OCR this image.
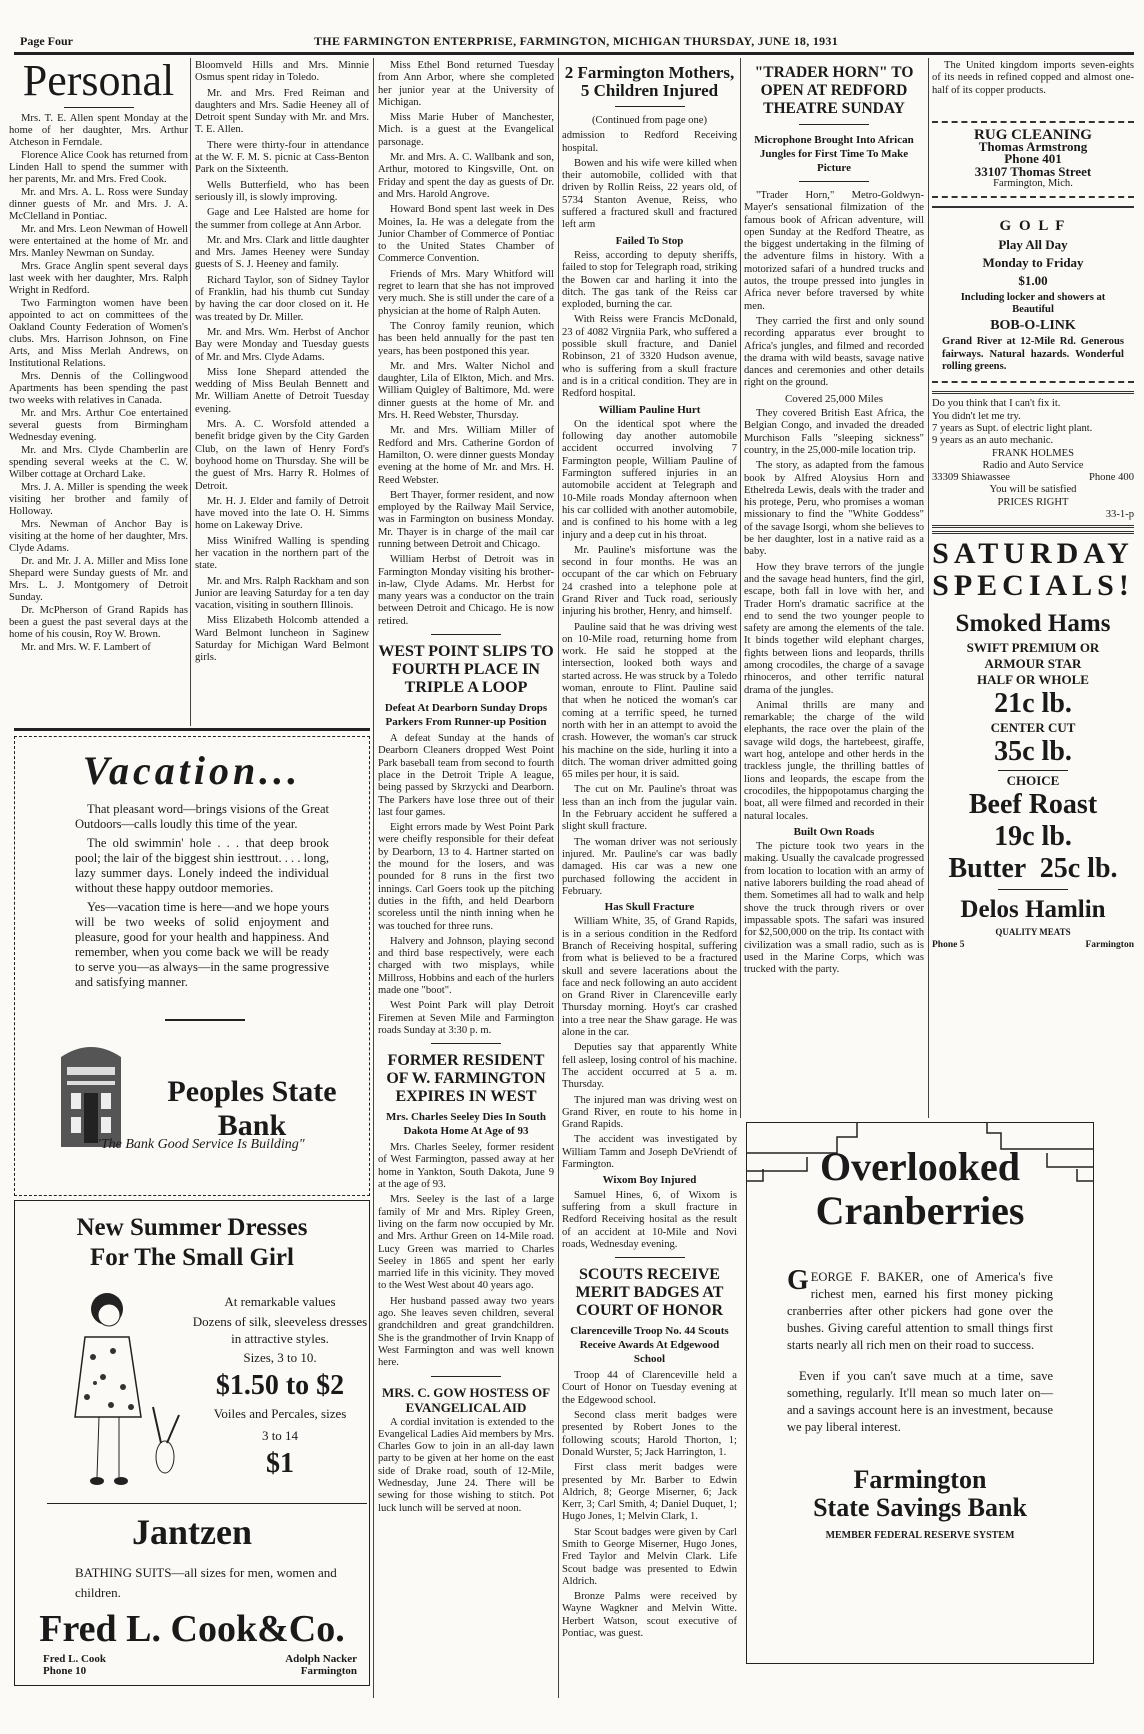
Page Four	THE FARMINGTON ENTERPRISE, FARMINGTON, MICHIGAN THURSDAY, JUNE 18, 1931
Personal

Mrs. T. E. Allen spent Monday at the home of her daughter, Mrs. Arthur Atcheson in Ferndale.

Florence Alice Cook has returned from Linden Hall to spend the summer with her parents, Mr. and Mrs. Fred Cook.

Mr. and Mrs. A. L. Ross were Sunday dinner guests of Mr. and Mrs. J. A. McClelland in Pontiac.

Mr. and Mrs. Leon Newman of Howell were entertained at the home of Mr. and Mrs. Manley Newman on Sunday.

Mrs. Grace Anglin spent several days last week with her daughter, Mrs. Ralph Wright in Redford.

Two Farmington women have been appointed to act on committees of the Oakland County Federation of Women's clubs. Mrs. Harrison Johnson, on Fine Arts, and Miss Merlah Andrews, on Institutional Relations.

Mrs. Dennis of the Collingwood Apartments has been spending the past two weeks with relatives in Canada.

Mr. and Mrs. Arthur Coe entertained several guests from Birmingham Wednesday evening.

Mr. and Mrs. Clyde Chamberlin are spending several weeks at the C. W. Wilber cottage at Orchard Lake.

Mrs. J. A. Miller is spending the week visiting her brother and family of Holloway.

Mrs. Newman of Anchor Bay is visiting at the home of her daughter, Mrs. Clyde Adams.

Dr. and Mr. J. A. Miller and Miss Ione Shepard were Sunday guests of Mr. and Mrs. L. J. Montgomery of Detroit Sunday.

Dr. McPherson of Grand Rapids has been a guest the past several days at the home of his cousin, Roy W. Brown.

Mr. and Mrs. W. F. Lambert of

Bloomveld Hills and Mrs. Minnie Osmus spent riday in Toledo.

Mr. and Mrs. Fred Reiman and daughters and Mrs. Sadie Heeney all of Detroit spent Sunday with Mr. and Mrs. T. E. Allen.

There were thirty-four in attendance at the W. F. M. S. picnic at Cass-Benton Park on the Sixteenth.

Wells Butterfield, who has been seriously ill, is slowly improving.

Gage and Lee Halsted are home for the summer from college at Ann Arbor.

Mr. and Mrs. Clark and little daughter and Mrs. James Heeney were Sunday guests of S. J. Heeney and family.

Richard Taylor, son of Sidney Taylor of Franklin, had his thumb cut Sunday by having the car door closed on it. He was treated by Dr. Miller.

Mr. and Mrs. Wm. Herbst of Anchor Bay were Monday and Tuesday guests of Mr. and Mrs. Clyde Adams.

Miss Ione Shepard attended the wedding of Miss Beulah Bennett and Mr. William Anette of Detroit Tuesday evening.

Mrs. A. C. Worsfold attended a benefit bridge given by the City Garden Club, on the lawn of Henry Ford's boyhood home on Thursday. She will be the guest of Mrs. Harry R. Holmes of Detroit.

Mr. H. J. Elder and family of Detroit have moved into the late O. H. Simms home on Lakeway Drive.

Miss Winifred Walling is spending her vacation in the northern part of the state.

Mr. and Mrs. Ralph Rackham and son Junior are leaving Saturday for a ten day vacation, visiting in southern Illinois.

Miss Elizabeth Holcomb attended a Ward Belmont luncheon in Saginew Saturday for Michigan Ward Belmont girls.

Vacation...

That pleasant word—brings visions of the Great Outdoors—calls loudly this time of the year.

The old swimmin' hole . . . that deep brook pool; the lair of the biggest shin iesttrout. . . . long, lazy summer days. Lonely indeed the individual without these happy outdoor memories.

Yes—vacation time is here—and we hope yours will be two weeks of solid enjoyment and pleasure, good for your health and happiness. And remember, when you come back we will be ready to serve you—as always—in the same progressive and satisfying manner.

Peoples State Bank
"The Bank Good Service Is Building"
New Summer Dresses
For The Small Girl
At remarkable values
Dozens of silk, sleeveless dresses in attractive styles.
Sizes, 3 to 10.
$1.50 to $2
Voiles and Percales, sizes
3 to 14
$1
Jantzen
BATHING SUITS—all sizes for men, women and children.
Fred L. Cook&Co.
Fred L. Cook
Phone 10
Adolph Nacker
Farmington

Miss Ethel Bond returned Tuesday from Ann Arbor, where she completed her junior year at the University of Michigan.

Miss Marie Huber of Manchester, Mich. is a guest at the Evangelical parsonage.

Mr. and Mrs. A. C. Wallbank and son, Arthur, motored to Kingsville, Ont. on Friday and spent the day as guests of Dr. and Mrs. Harold Angrove.

Howard Bond spent last week in Des Moines, Ia. He was a delegate from the Junior Chamber of Commerce of Pontiac to the United States Chamber of Commerce Convention.

Friends of Mrs. Mary Whitford will regret to learn that she has not improved very much. She is still under the care of a physician at the home of Ralph Auten.

The Conroy family reunion, which has been held annually for the past ten years, has been postponed this year.

Mr. and Mrs. Walter Nichol and daughter, Lila of Elkton, Mich. and Mrs. William Quigley of Baltimore, Md. were dinner guests at the home of Mr. and Mrs. H. Reed Webster, Thursday.

Mr. and Mrs. William Miller of Redford and Mrs. Catherine Gordon of Hamilton, O. were dinner guests Monday evening at the home of Mr. and Mrs. H. Reed Webster.

Bert Thayer, former resident, and now employed by the Railway Mail Service, was in Farmington on business Monday. Mr. Thayer is in charge of the mail car running between Detroit and Chicago.

William Herbst of Detroit was in Farmington Monday visiting his brother-in-law, Clyde Adams. Mr. Herbst for many years was a conductor on the train between Detroit and Chicago. He is now retired.

WEST POINT SLIPS TO FOURTH PLACE IN TRIPLE A LOOP
Defeat At Dearborn Sunday Drops Parkers From Runner-up Position

A defeat Sunday at the hands of Dearborn Cleaners dropped West Point Park baseball team from second to fourth place in the Detroit Triple A league, being passed by Skrzycki and Dearborn. The Parkers have lose three out of their last four games.

Eight errors made by West Point Park were cheifly responsible for their defeat by Dearborn, 13 to 4. Hartner started on the mound for the losers, and was pounded for 8 runs in the first two innings. Carl Goers took up the pitching duties in the fifth, and held Dearborn scoreless until the ninth inning when he was touched for three runs.

Halvery and Johnson, playing second and third base respectively, were each charged with two misplays, while Millross, Hobbins and each of the hurlers made one "boot".

West Point Park will play Detroit Firemen at Seven Mile and Farmington roads Sunday at 3:30 p. m.

FORMER RESIDENT OF W. FARMINGTON EXPIRES IN WEST
Mrs. Charles Seeley Dies In South Dakota Home At Age of 93

Mrs. Charles Seeley, former resident of West Farmington, passed away at her home in Yankton, South Dakota, June 9 at the age of 93.

Mrs. Seeley is the last of a large family of Mr and Mrs. Ripley Green, living on the farm now occupied by Mr. and Mrs. Arthur Green on 14-Mile road. Lucy Green was married to Charles Seeley in 1865 and spent her early married life in this vicinity. They moved to the West West about 40 years ago.

Her husband passed away two years ago. She leaves seven children, several grandchildren and great grandchildren. She is the grandmother of Irvin Knapp of West Farmington and was well known here.

MRS. C. GOW HOSTESS OF EVANGELICAL AID

A cordial invitation is extended to the Evangelical Ladies Aid members by Mrs. Charles Gow to join in an all-day lawn party to be given at her home on the east side of Drake road, south of 12-Mile, Wednesday, June 24. There will be sewing for those wishing to stitch. Pot luck lunch will be served at noon.

2 Farmington Mothers, 5 Children Injured
(Continued from page one)

admission to Redford Receiving hospital.

Bowen and his wife were killed when their automobile, collided with that driven by Rollin Reiss, 22 years old, of 5734 Stanton Avenue, Reiss, who suffered a fractured skull and fractured left arm

Failed To Stop

Reiss, according to deputy sheriffs, failed to stop for Telegraph road, striking the Bowen car and harling it into the ditch. The gas tank of the Reiss car exploded, burning the car.

With Reiss were Francis McDonald, 23 of 4082 Virgniia Park, who suffered a possible skull fracture, and Daniel Robinson, 21 of 3320 Hudson avenue, who is suffering from a skull fracture and is in a critical condition. They are in Redford hospital.

William Pauline Hurt

On the identical spot where the following day another automobile accident occurred involving 7 Farmington people, William Pauline of Farmington suffered injuries in an automobile accident at Telegraph and 10-Mile roads Monday afternoon when his car collided with another automobile, and is confined to his home with a leg injury and a deep cut in his throat.

Mr. Pauline's misfortune was the second in four months. He was an occupant of the car which on February 24 crashed into a telephone pole at Grand River and Tuck road, seriously injuring his brother, Henry, and himself.

Pauline said that he was driving west on 10-Mile road, returning home from work. He said he stopped at the intersection, looked both ways and started across. He was struck by a Toledo woman, enroute to Flint. Pauline said that when he noticed the woman's car coming at a terrific speed, he turned north with her in an attempt to avoid the crash. However, the woman's car struck his machine on the side, hurling it into a ditch. The woman driver admitted going 65 miles per hour, it is said.

The cut on Mr. Pauline's throat was less than an inch from the jugular vain. In the February accident he suffered a slight skull fracture.

The woman driver was not seriously injured. Mr. Pauline's car was badly damaged. His car was a new one purchased following the accident in February.

Has Skull Fracture

William White, 35, of Grand Rapids, is in a serious condition in the Redford Branch of Receiving hospital, suffering from what is believed to be a fractured skull and severe lacerations about the face and neck following an auto accident on Grand River in Clarenceville early Thursday morning. Hoyt's car crashed into a tree near the Shaw garage. He was alone in the car.

Deputies say that apparently White fell asleep, losing control of his machine. The accident occurred at 5 a. m. Thursday.

The injured man was driving west on Grand River, en route to his home in Grand Rapids.

The accident was investigated by William Tamm and Joseph DeVriendt of Farmington.

Wixom Boy Injured

Samuel Hines, 6, of Wixom is suffering from a skull fracture in Redford Receiving hosital as the result of an accident at 10-Mile and Novi roads, Wednesday evening.

SCOUTS RECEIVE MERIT BADGES AT COURT OF HONOR
Clarenceville Troop No. 44 Scouts Receive Awards At Edgewood School

Troop 44 of Clarenceville held a Court of Honor on Tuesday evening at the Edgewood school.

Second class merit badges were presented by Robert Jones to the following scouts; Harold Thorton, 1; Donald Wurster, 5; Jack Harrington, 1.

First class merit badges were presented by Mr. Barber to Edwin Aldrich, 8; George Miserner, 6; Jack Kerr, 3; Carl Smith, 4; Daniel Duquet, 1; Hugo Jones, 1; Melvin Clark, 1.

Star Scout badges were given by Carl Smith to George Miserner, Hugo Jones, Fred Taylor and Melvin Clark. Life Scout badge was presented to Edwin Aldrich.

Bronze Palms were received by Wayne Wagkner and Melvin Witte. Herbert Watson, scout executive of Pontiac, was guest.

"TRADER HORN" TO OPEN AT REDFORD THEATRE SUNDAY
Microphone Brought Into African Jungles for First Time To Make Picture

"Trader Horn," Metro-Goldwyn-Mayer's sensational filmization of the famous book of African adventure, will open Sunday at the Redford Theatre, as the biggest undertaking in the filming of the adventure films in history. With a motorized safari of a hundred trucks and autos, the troupe pressed into jungles in Africa never before traversed by white men.

They carried the first and only sound recording apparatus ever brought to Africa's jungles, and filmed and recorded the drama with wild beasts, savage native dances and ceremonies and other details right on the ground.

Covered 25,000 Miles

They covered British East Africa, the Belgian Congo, and invaded the dreaded Murchison Falls "sleeping sickness" country, in the 25,000-mile location trip.

The story, as adapted from the famous book by Alfred Aloysius Horn and Ethelreda Lewis, deals with the trader and his protege, Peru, who promises a woman missionary to find the "White Goddess" of the savage Isorgi, whom she believes to be her daughter, lost in a native raid as a baby.

How they brave terrors of the jungle and the savage head hunters, find the girl, escape, both fall in love with her, and Trader Horn's dramatic sacrifice at the end to send the two younger people to safety are among the elements of the tale. It binds together wild elephant charges, fights between lions and leopards, thrills among crocodiles, the charge of a savage rhinoceros, and other terrific natural drama of the jungles.

Animal thrills are many and remarkable; the charge of the wild elephants, the race over the plain of the savage wild dogs, the hartebeest, giraffe, wart hog, antelope and other herds in the trackless jungle, the thrilling battles of lions and leopards, the escape from the crocodiles, the hippopotamus charging the boat, all were filmed and recorded in their natural locales.

Built Own Roads

The picture took two years in the making. Usually the cavalcade progressed from location to location with an army of native laborers building the road ahead of them. Sometimes all had to walk and help shove the truck through rivers or over impassable spots. The safari was insured for $2,500,000 on the trip. Its contact with civilization was a small radio, such as is used in the Marine Corps, which was trucked with the party.

The United kingdom imports seven-eights of its needs in refined copped and almost one-half of its copper products.

RUG CLEANING
Thomas Armstrong
Phone 401
33107 Thomas Street
Farmington, Mich.
G O L F
Play All Day
Monday to Friday
$1.00
Including locker and showers at Beautiful
BOB-O-LINK
Grand River at 12-Mile Rd. Generous fairways. Natural hazards. Wonderful rolling greens.
Do you think that I can't fix it.
You didn't let me try.
7 years as Supt. of electric light plant.
9 years as an auto mechanic.
FRANK HOLMES
Radio and Auto Service
33309 Shiawassee	Phone 400
You will be satisfied
PRICES RIGHT
33-1-p
SATURDAY
SPECIALS!
Smoked Hams
SWIFT PREMIUM OR
ARMOUR STAR
HALF OR WHOLE
21c lb.
CENTER CUT
35c lb.
CHOICE
Beef Roast
19c lb.
Butter  25c lb.
Delos Hamlin
QUALITY MEATS
Phone 5	Farmington
Overlooked
Cranberries

GEORGE F. BAKER, one of America's five richest men, earned his first money picking cranberries after other pickers had gone over the bushes. Giving careful attention to small things first starts nearly all rich men on their road to success.

Even if you can't save much at a time, save something, regularly. It'll mean so much later on—and a savings account here is an investment, because we pay liberal interest.

Farmington
State Savings Bank
MEMBER FEDERAL RESERVE SYSTEM
